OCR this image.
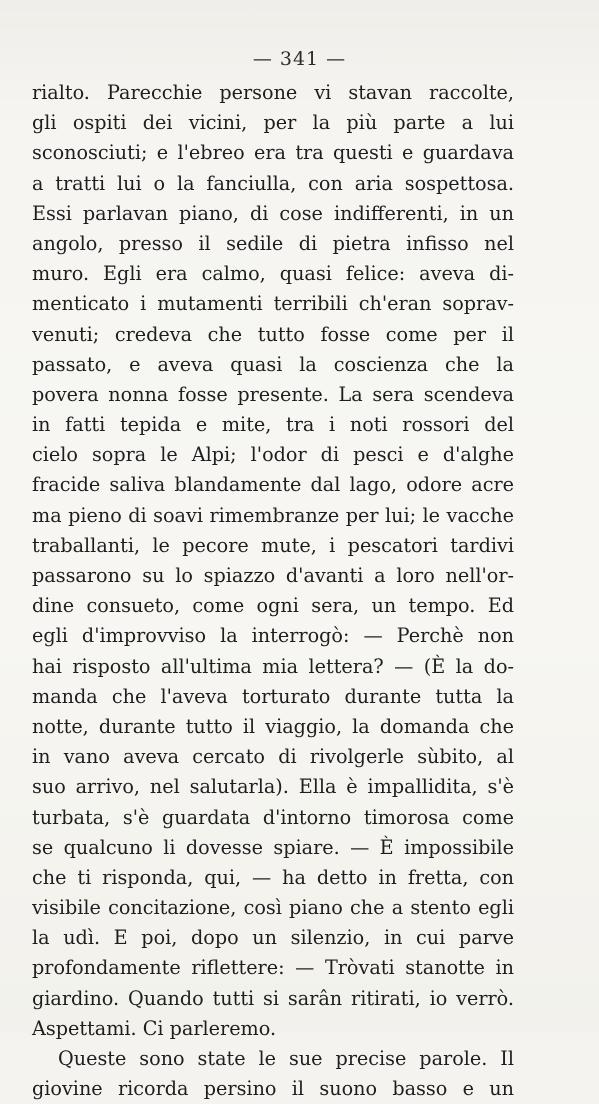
— 341 —
rialto. Parecchie persone vi stavan raccolte,
gli ospiti dei vicini, per la più parte a lui
sconosciuti; e l'ebreo era tra questi e guardava
a tratti lui o la fanciulla, con aria sospettosa.
Essi parlavan piano, di cose indifferenti, in un
angolo, presso il sedile di pietra infisso nel
muro. Egli era calmo, quasi felice: aveva di-
menticato i mutamenti terribili ch'eran soprav-
venuti; credeva che tutto fosse come per il
passato, e aveva quasi la coscienza che la
povera nonna fosse presente. La sera scendeva
in fatti tepida e mite, tra i noti rossori del
cielo sopra le Alpi; l'odor di pesci e d'alghe
fracide saliva blandamente dal lago, odore acre
ma pieno di soavi rimembranze per lui; le vacche
traballanti, le pecore mute, i pescatori tardivi
passarono su lo spiazzo d'avanti a loro nell'or-
dine consueto, come ogni sera, un tempo. Ed
egli d'improvviso la interrogò: — Perchè non
hai risposto all'ultima mia lettera? — (È la do-
manda che l'aveva torturato durante tutta la
notte, durante tutto il viaggio, la domanda che
in vano aveva cercato di rivolgerle sùbito, al
suo arrivo, nel salutarla). Ella è impallidita, s'è
turbata, s'è guardata d'intorno timorosa come
se qualcuno li dovesse spiare. — È impossibile
che ti risponda, qui, — ha detto in fretta, con
visibile concitazione, così piano che a stento egli
la udì. E poi, dopo un silenzio, in cui parve
profondamente riflettere: — Tròvati stanotte in
giardino. Quando tutti si sarân ritirati, io verrò.
Aspettami. Ci parleremo.
Queste sono state le sue precise parole. Il
giovine ricorda persino il suono basso e un
